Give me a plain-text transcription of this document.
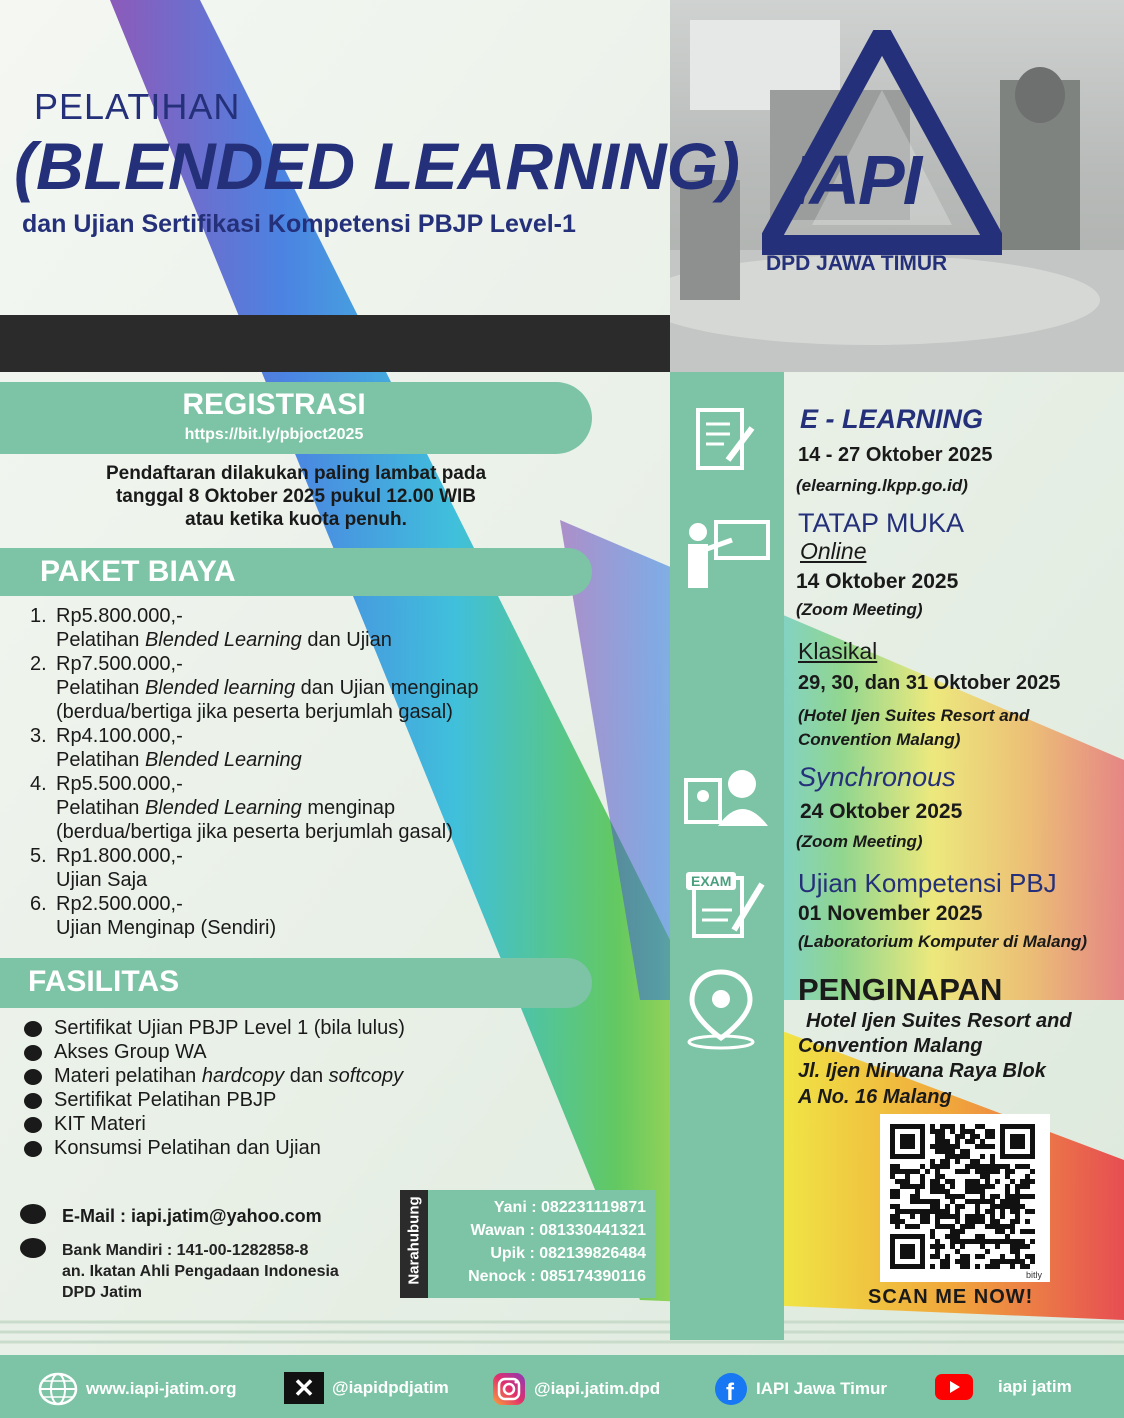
PELATIHAN
(BLENDED LEARNING)
dan Ujian Sertifikasi Kompetensi PBJP Level-1
IAPI
DPD JAWA TIMUR
REGISTRASI
https://bit.ly/pbjoct2025
Pendaftaran dilakukan paling lambat pada
tanggal 8 Oktober 2025 pukul 12.00 WIB
atau ketika kuota penuh.
PAKET BIAYA
1. Rp5.800.000,-
Pelatihan Blended Learning dan Ujian
2. Rp7.500.000,-
Pelatihan Blended learning dan Ujian menginap
(berdua/bertiga jika peserta berjumlah gasal)
3. Rp4.100.000,-
Pelatihan Blended Learning
4. Rp5.500.000,-
Pelatihan Blended Learning menginap
(berdua/bertiga jika peserta berjumlah gasal)
5. Rp1.800.000,-
Ujian Saja
6. Rp2.500.000,-
Ujian Menginap (Sendiri)
FASILITAS
Sertifikat Ujian PBJP Level 1 (bila lulus)
Akses Group WA
Materi pelatihan hardcopy dan softcopy
Sertifikat Pelatihan PBJP
KIT Materi
Konsumsi Pelatihan dan Ujian
E-Mail : iapi.jatim@yahoo.com
Bank Mandiri : 141-00-1282858-8
an. Ikatan Ahli Pengadaan Indonesia
DPD Jatim
Narahubung	Yani : 082231119871
Wawan : 081330441321
Upik : 082139826484
Nenock : 085174390116
EXAM
E - LEARNING
14 - 27 Oktober 2025
(elearning.lkpp.go.id)
TATAP MUKA
Online
14 Oktober 2025
(Zoom Meeting)
Klasikal
29, 30, dan 31 Oktober 2025
(Hotel Ijen Suites Resort and
Convention Malang)
Synchronous
24 Oktober 2025
(Zoom Meeting)
Ujian Kompetensi PBJ
01 November 2025
(Laboratorium Komputer di Malang)
PENGINAPAN
Hotel Ijen Suites Resort and
Convention Malang
Jl. Ijen Nirwana Raya Blok
A No. 16 Malang
bitly
SCAN ME NOW!
www.iapi-jatim.org	✕	@iapidpdjatim	@iapi.jatim.dpd	f IAPI Jawa Timur	iapi jatim
